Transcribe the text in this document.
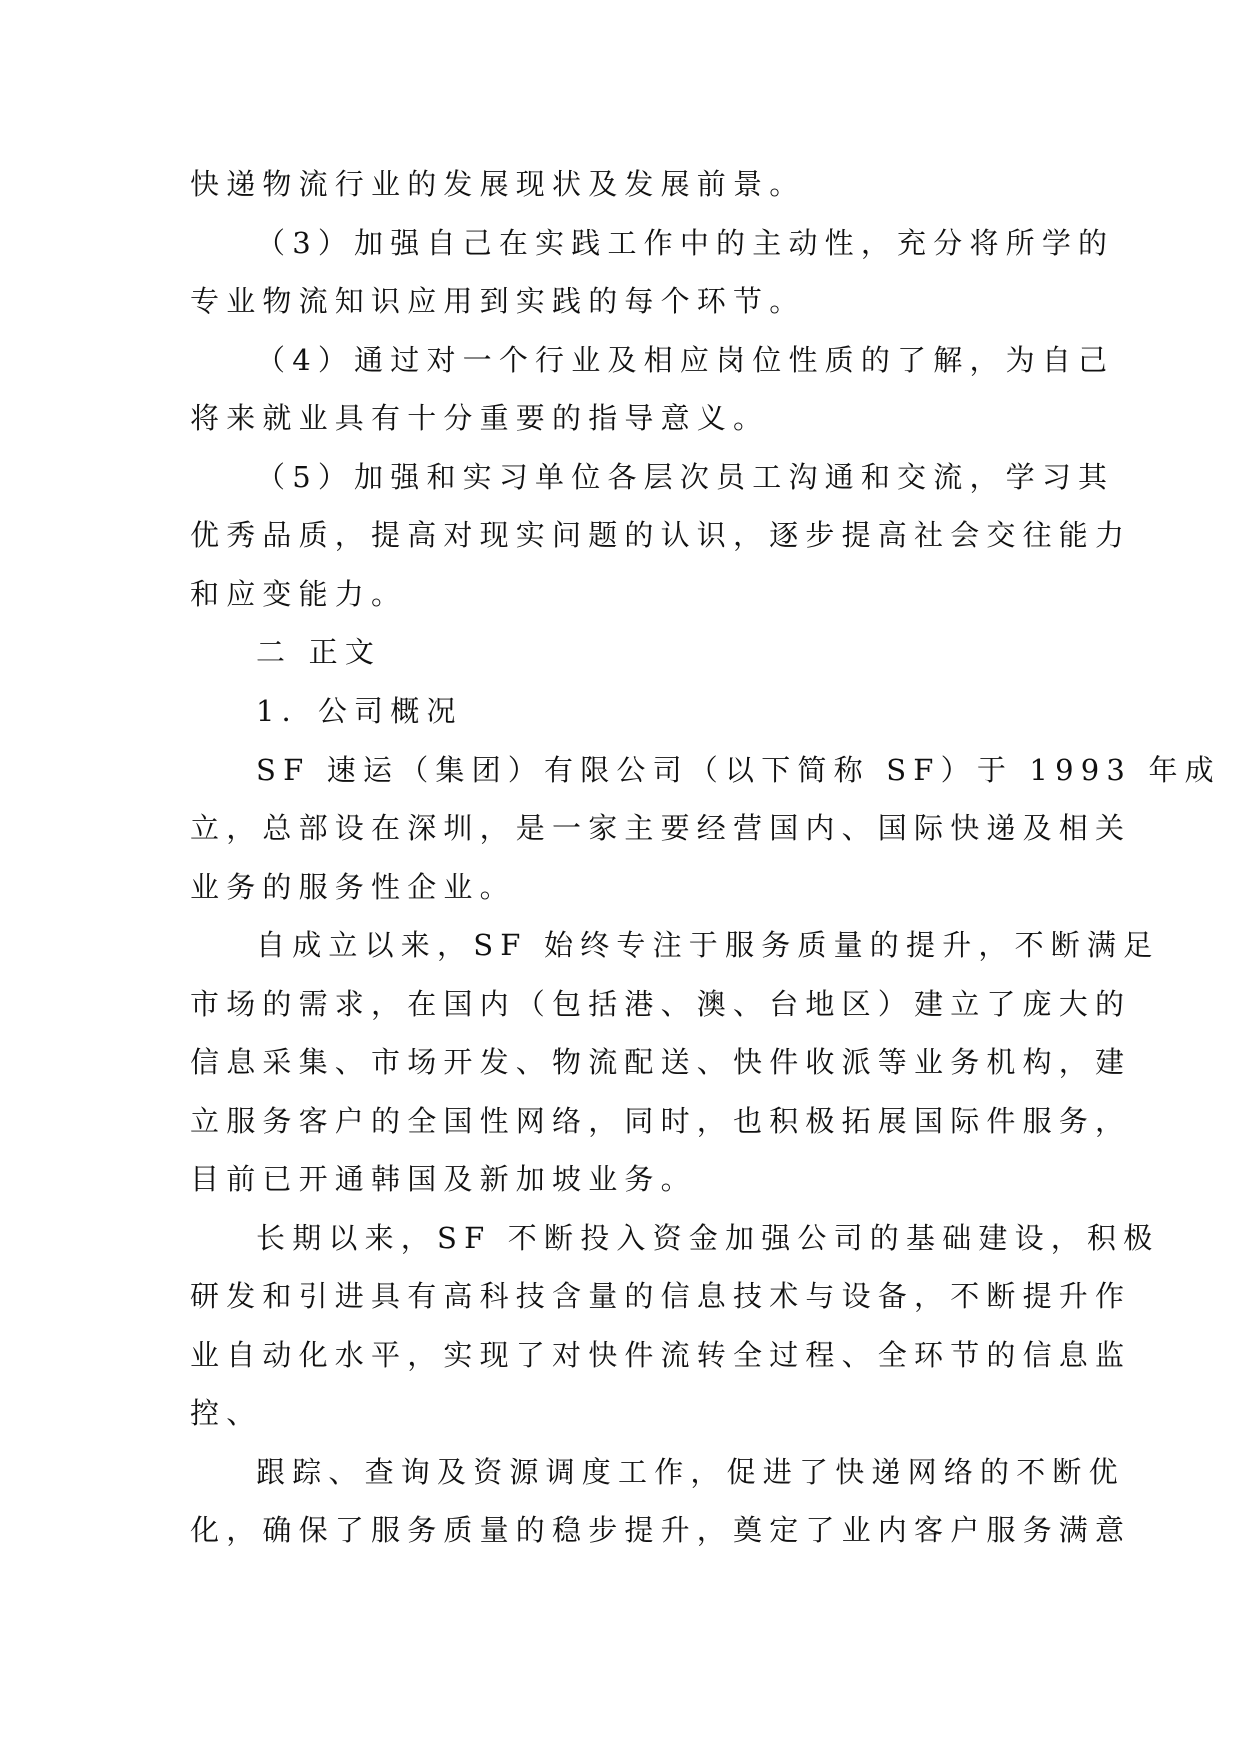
快递物流行业的发展现状及发展前景。

（3）加强自己在实践工作中的主动性，充分将所学的

专业物流知识应用到实践的每个环节。

（4）通过对一个行业及相应岗位性质的了解，为自己

将来就业具有十分重要的指导意义。

（5）加强和实习单位各层次员工沟通和交流，学习其

优秀品质，提高对现实问题的认识，逐步提高社会交往能力

和应变能力。

二 正文

1．公司概况

SF 速运（集团）有限公司（以下简称 SF）于 1993 年成

立，总部设在深圳，是一家主要经营国内、国际快递及相关

业务的服务性企业。

自成立以来，SF 始终专注于服务质量的提升，不断满足

市场的需求，在国内（包括港、澳、台地区）建立了庞大的

信息采集、市场开发、物流配送、快件收派等业务机构，建

立服务客户的全国性网络，同时，也积极拓展国际件服务，

目前已开通韩国及新加坡业务。

长期以来，SF 不断投入资金加强公司的基础建设，积极

研发和引进具有高科技含量的信息技术与设备，不断提升作

业自动化水平，实现了对快件流转全过程、全环节的信息监

控、

跟踪、查询及资源调度工作，促进了快递网络的不断优

化，确保了服务质量的稳步提升，奠定了业内客户服务满意
